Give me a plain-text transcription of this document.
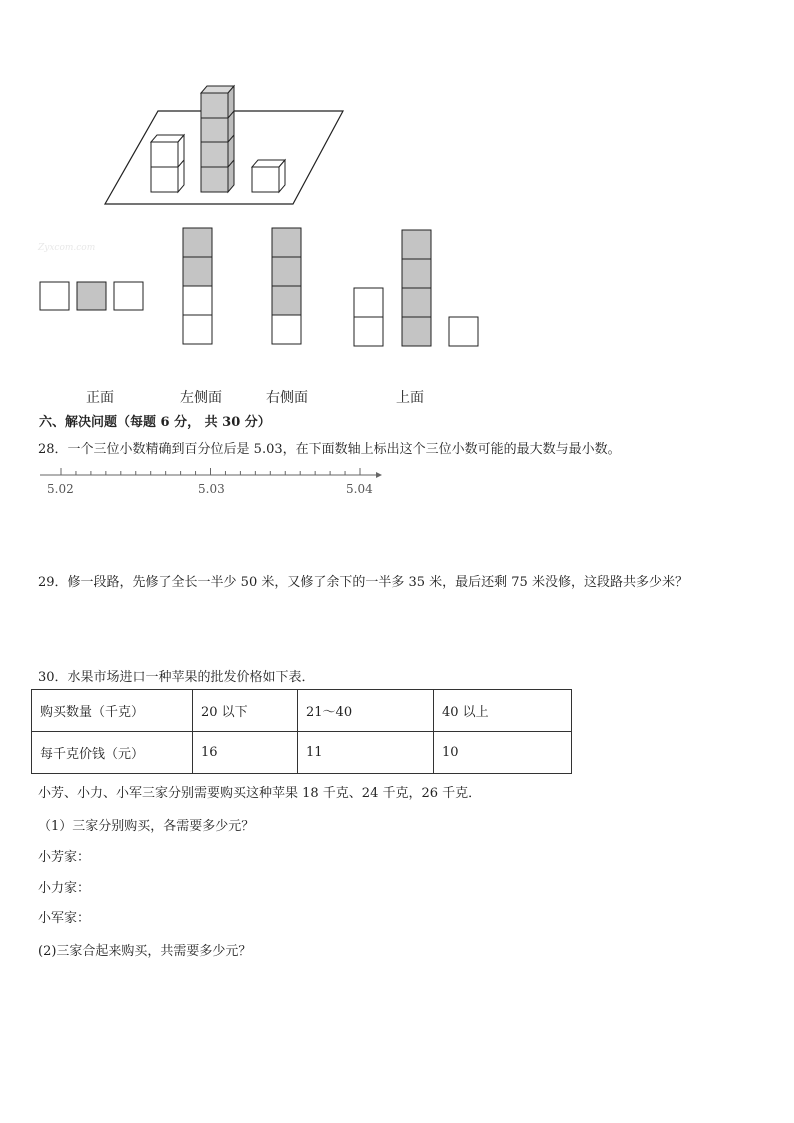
Zyxcom.com
正面	左侧面	右侧面	上面
六、解决问题（每题 6 分， 共 30 分）
28．一个三位小数精确到百分位后是 5.03，在下面数轴上标出这个三位小数可能的最大数与最小数。
5.02	5.03	5.04
29．修一段路，先修了全长一半少 50 米，又修了余下的一半多 35 米，最后还剩 75 米没修，这段路共多少米？
30．水果市场进口一种苹果的批发价格如下表．
购买数量（千克）	20 以下	21～40	40 以上
每千克价钱（元）	16	11	10
小芳、小力、小军三家分别需要购买这种苹果 18 千克、24 千克，26 千克．
（1）三家分别购买，各需要多少元？
小芳家：
小力家：
小军家：
(2)三家合起来购买，共需要多少元？
